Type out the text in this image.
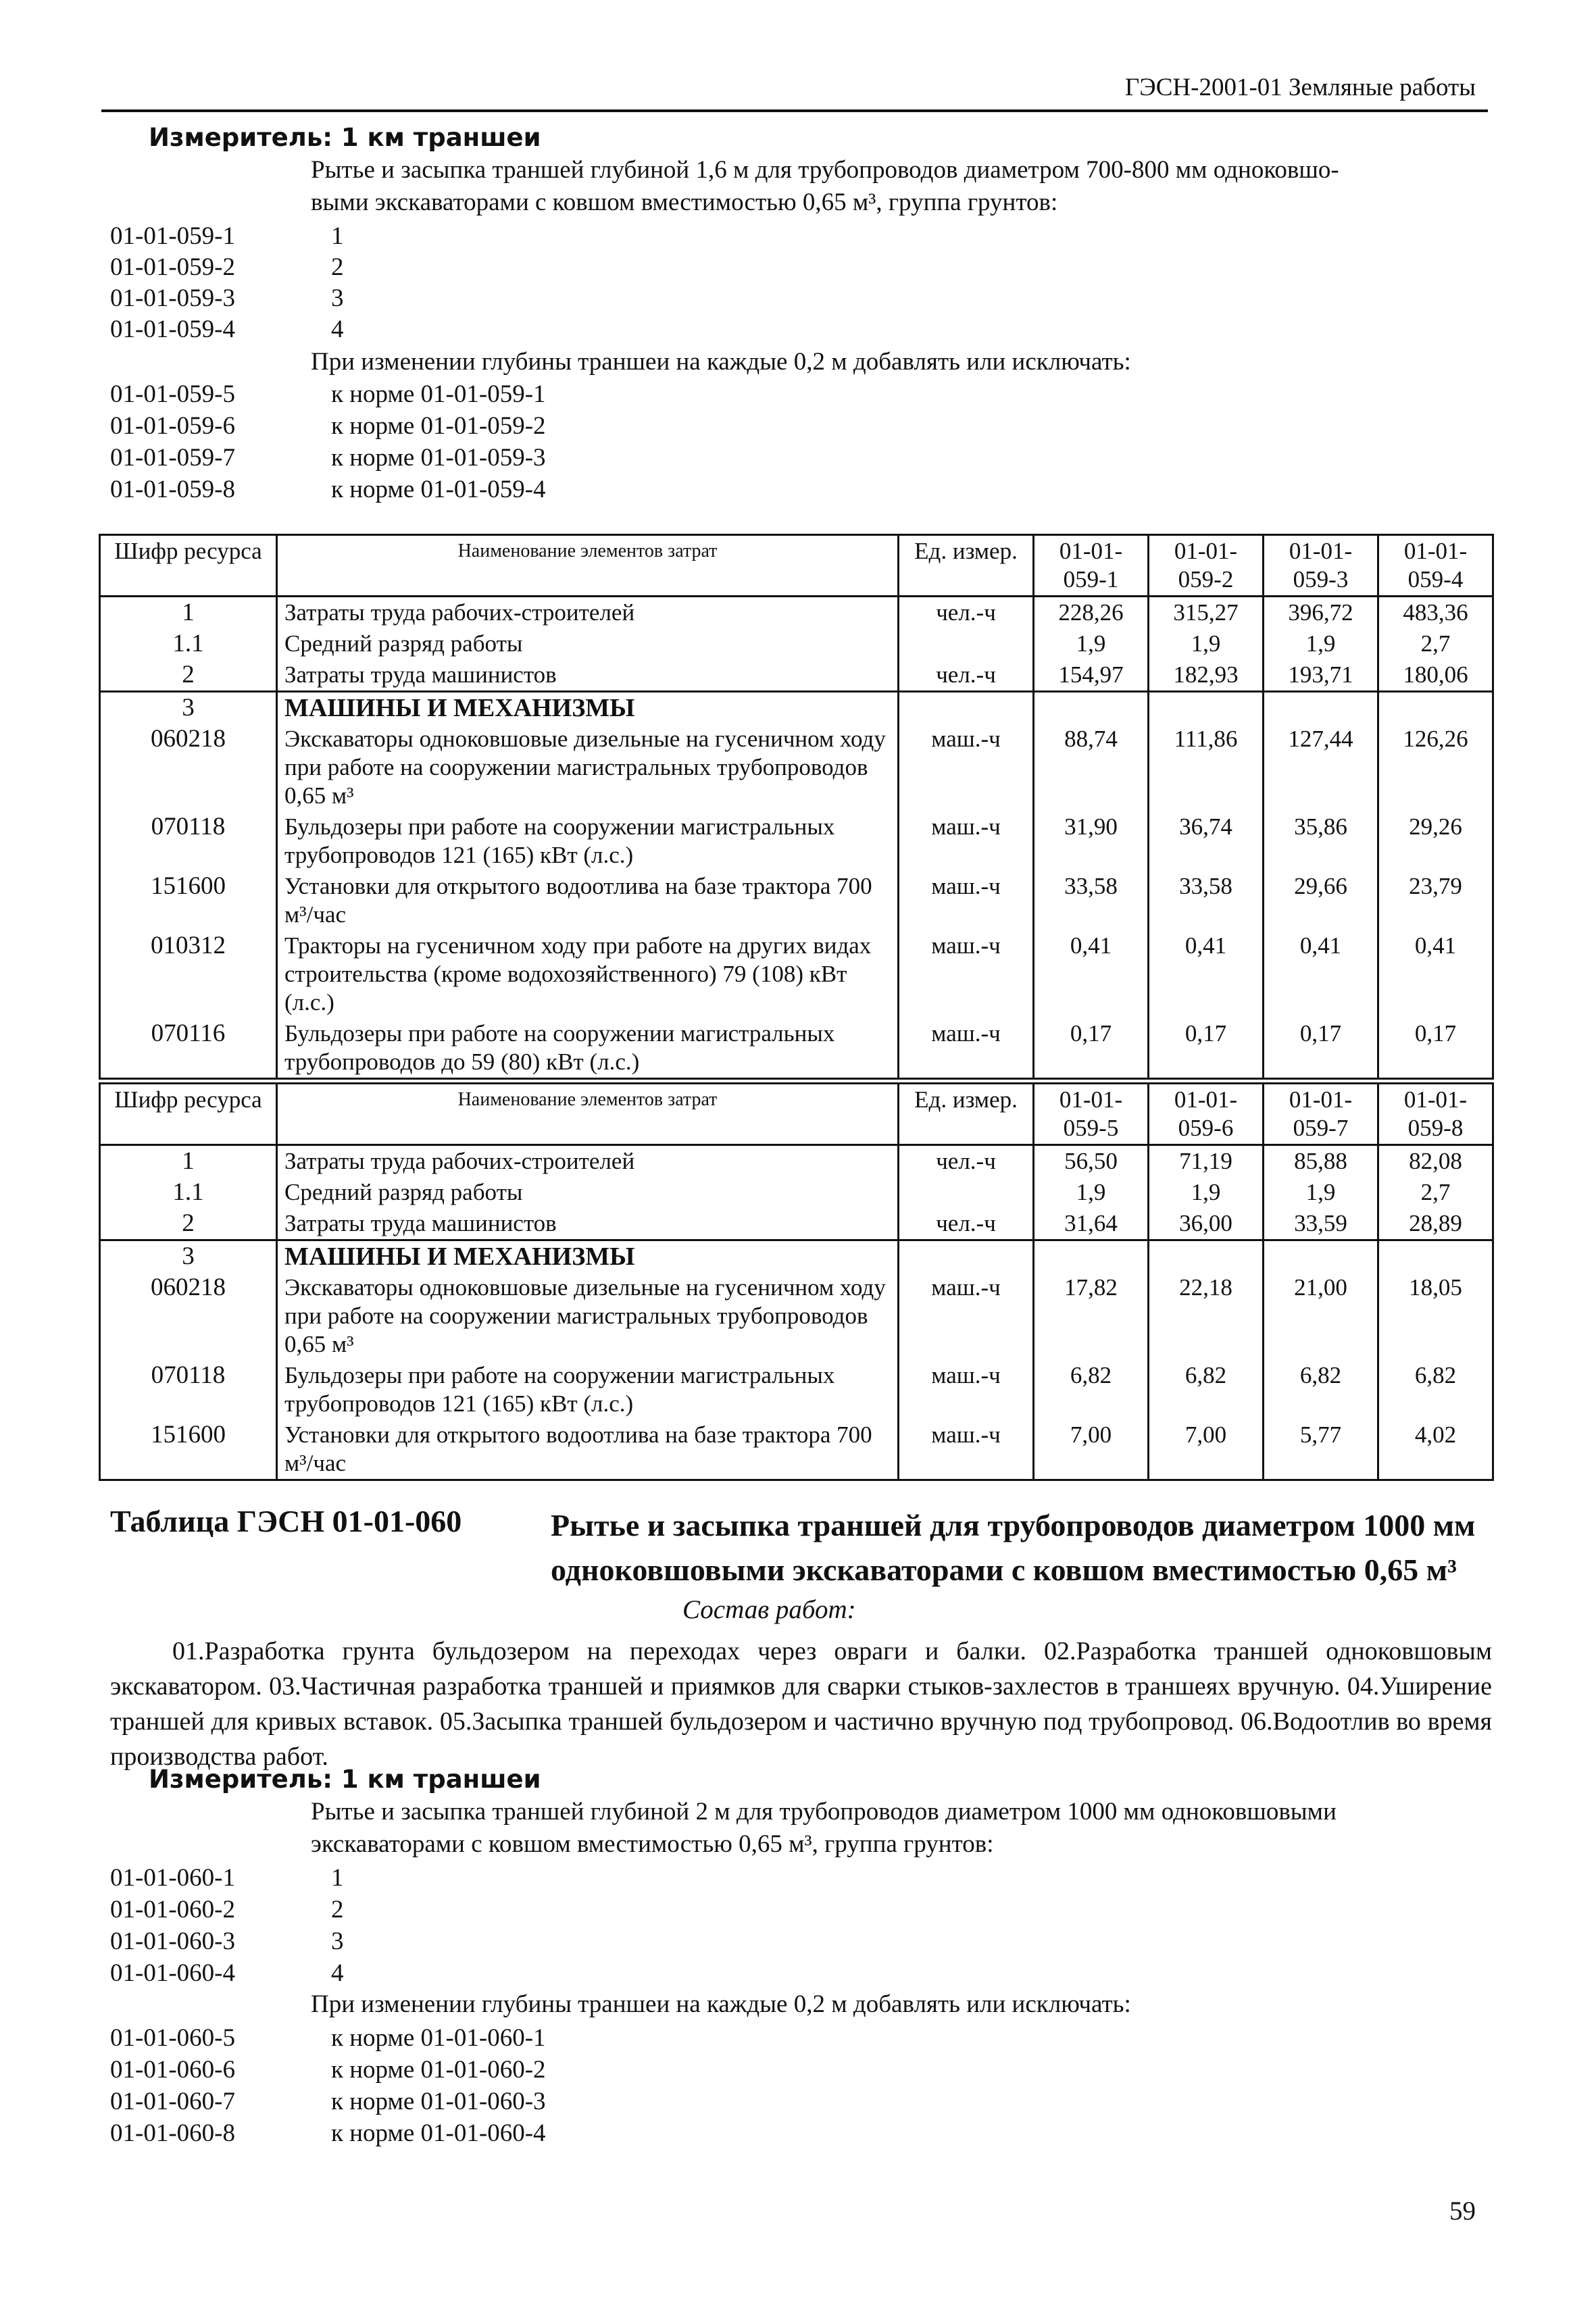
ГЭСН-2001-01 Земляные работы
Измеритель: 1 км траншеи
Рытье и засыпка траншей глубиной 1,6 м для трубопроводов диаметром 700-800 мм одноковшо-
выми экскаваторами с ковшом вместимостью 0,65 м³, группа грунтов:
01-01-059-1	1
01-01-059-2	2
01-01-059-3	3
01-01-059-4	4
При изменении глубины траншеи на каждые 0,2 м добавлять или исключать:
01-01-059-5	к норме 01-01-059-1
01-01-059-6	к норме 01-01-059-2
01-01-059-7	к норме 01-01-059-3
01-01-059-8	к норме 01-01-059-4
Шифр ресурса	Наименование элементов затрат	Ед. измер.	01-01-059-1	01-01-059-2	01-01-059-3	01-01-059-4
1	Затраты труда рабочих-строителей	чел.-ч	228,26	315,27	396,72	483,36
1.1	Средний разряд работы		1,9	1,9	1,9	2,7
2	Затраты труда машинистов	чел.-ч	154,97	182,93	193,71	180,06
3	МАШИНЫ И МЕХАНИЗМЫ					
060218	Экскаваторы одноковшовые дизельные на гусеничном ходу при работе на сооружении магистральных трубопроводов 0,65 м³	маш.-ч	88,74	111,86	127,44	126,26
070118	Бульдозеры при работе на сооружении магистральных трубопроводов 121 (165) кВт (л.с.)	маш.-ч	31,90	36,74	35,86	29,26
151600	Установки для открытого водоотлива на базе трактора 700 м³/час	маш.-ч	33,58	33,58	29,66	23,79
010312	Тракторы на гусеничном ходу при работе на других видах строительства (кроме водохозяйственного) 79 (108) кВт (л.с.)	маш.-ч	0,41	0,41	0,41	0,41
070116	Бульдозеры при работе на сооружении магистральных трубопроводов до 59 (80) кВт (л.с.)	маш.-ч	0,17	0,17	0,17	0,17
Шифр ресурса	Наименование элементов затрат	Ед. измер.	01-01-059-5	01-01-059-6	01-01-059-7	01-01-059-8
1	Затраты труда рабочих-строителей	чел.-ч	56,50	71,19	85,88	82,08
1.1	Средний разряд работы		1,9	1,9	1,9	2,7
2	Затраты труда машинистов	чел.-ч	31,64	36,00	33,59	28,89
3	МАШИНЫ И МЕХАНИЗМЫ					
060218	Экскаваторы одноковшовые дизельные на гусеничном ходу при работе на сооружении магистральных трубопроводов 0,65 м³	маш.-ч	17,82	22,18	21,00	18,05
070118	Бульдозеры при работе на сооружении магистральных трубопроводов 121 (165) кВт (л.с.)	маш.-ч	6,82	6,82	6,82	6,82
151600	Установки для открытого водоотлива на базе трактора 700 м³/час	маш.-ч	7,00	7,00	5,77	4,02
Таблица ГЭСН 01-01-060	Рытье и засыпка траншей для трубопроводов диаметром 1000 мм одноковшовыми экскаваторами с ковшом вместимостью 0,65 м³
Состав работ:
01.Разработка грунта бульдозером на переходах через овраги и балки. 02.Разработка траншей одноковшовым экскаватором. 03.Частичная разработка траншей и приямков для сварки стыков-захлестов в траншеях вручную. 04.Уширение траншей для кривых вставок. 05.Засыпка траншей бульдозером и частично вручную под трубопровод. 06.Водоотлив во время производства работ.
Измеритель: 1 км траншеи
Рытье и засыпка траншей глубиной 2 м для трубопроводов диаметром 1000 мм одноковшовыми
экскаваторами с ковшом вместимостью 0,65 м³, группа грунтов:
01-01-060-1	1
01-01-060-2	2
01-01-060-3	3
01-01-060-4	4
При изменении глубины траншеи на каждые 0,2 м добавлять или исключать:
01-01-060-5	к норме 01-01-060-1
01-01-060-6	к норме 01-01-060-2
01-01-060-7	к норме 01-01-060-3
01-01-060-8	к норме 01-01-060-4
59
